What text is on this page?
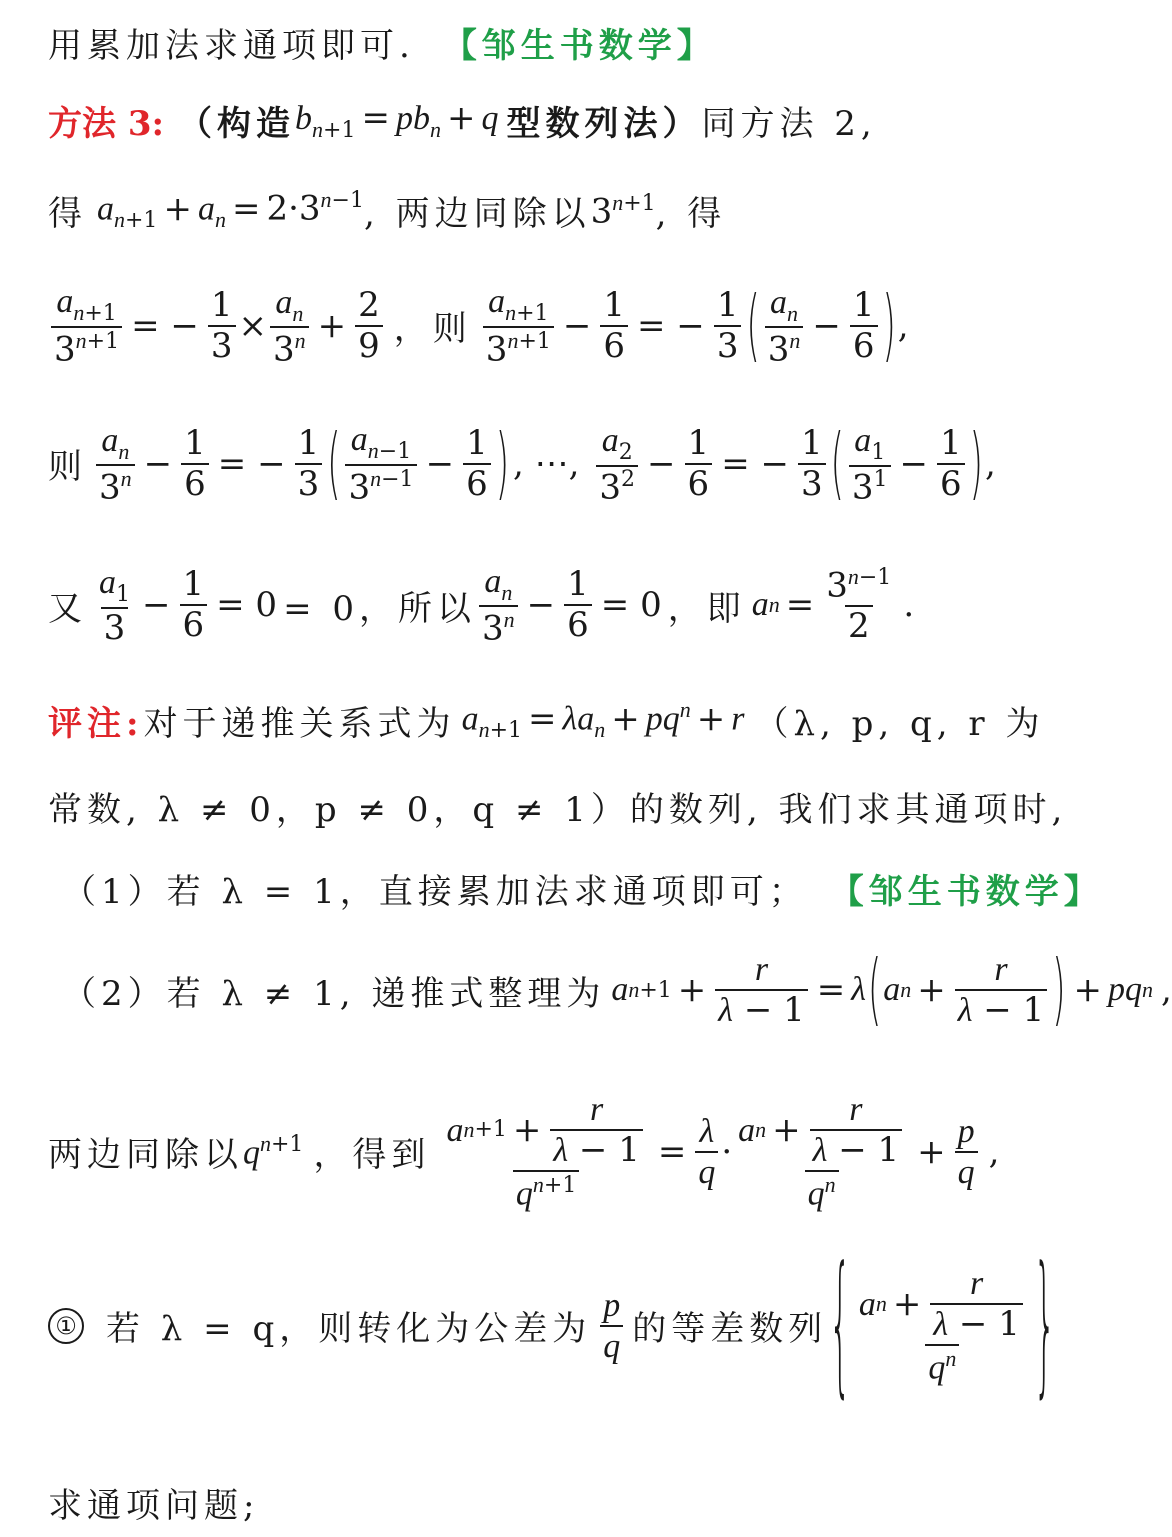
用累加法求通项即可. 【邹生书数学】
方法 3: （构造 $b_{n+1} = pb_n + q$ 型数列法） 同方法 2,
得 $a_{n+1} + a_n = 2\cdot 3^{n-1}$ , 两边同除以 $3^{n+1}$ , 得
$\frac{a_{n+1}}{3^{n+1}}$ = − $\frac{1}{3} \times \frac{a_n}{3^n} + \frac{2}{9}$ ，则 $\frac{a_{n+1}}{3^{n+1}} - \frac{1}{6}$ = − $\frac{1}{3}$ ( $\frac{a_n}{3^n} - \frac{1}{6}$ ) ,
则 $\frac{a_n}{3^n} - \frac{1}{6}$ = − $\frac{1}{3}$ ( $\frac{a_{n-1}}{3^{n-1}} - \frac{1}{6}$ ) , ⋯, $\frac{a_2}{3^2} - \frac{1}{6}$ = − $\frac{1}{3}$ ( $\frac{a_1}{3^1} - \frac{1}{6}$ ) ,
又 $\frac{a_1}{3} - \frac{1}{6} = 0 = 0$，所以 $\frac{a_n}{3^n} - \frac{1}{6} = 0$ ，即 a $n = \frac{3^{n-1}}{2}$ .
评注: 对于递推关系式为 $a_{n+1} = \lambda a_n + pq^n + r$ （λ, p, q, r 为
常数, λ ≠ 0，p ≠ 0，q ≠ 1）的数列, 我们求其通项时,
（1）若 λ = 1，直接累加法求通项即可； 【邹生书数学】
（2）若 λ ≠ 1, 递推式整理为 a $n +1 + \frac{r}{\lambda - 1} = \lambda$ ( a $n + \frac{r}{\lambda - 1}$ ) + pq n ,
两边同除以 $q^{n+1}$ ，得到 $\frac{a n +1 + \frac{r}{\lambda - 1}}{q^{n+1}} = \frac{\lambda}{q} \cdot \frac{a n + \frac{r}{\lambda - 1}}{q^n} + \frac{p}{q}$ ,
① 若 λ = q，则转化为公差为 $\frac{p}{q}$ 的等差数列 { $\frac{a n + \frac{r}{\lambda - 1}}{q^n}$ }
求通项问题;
